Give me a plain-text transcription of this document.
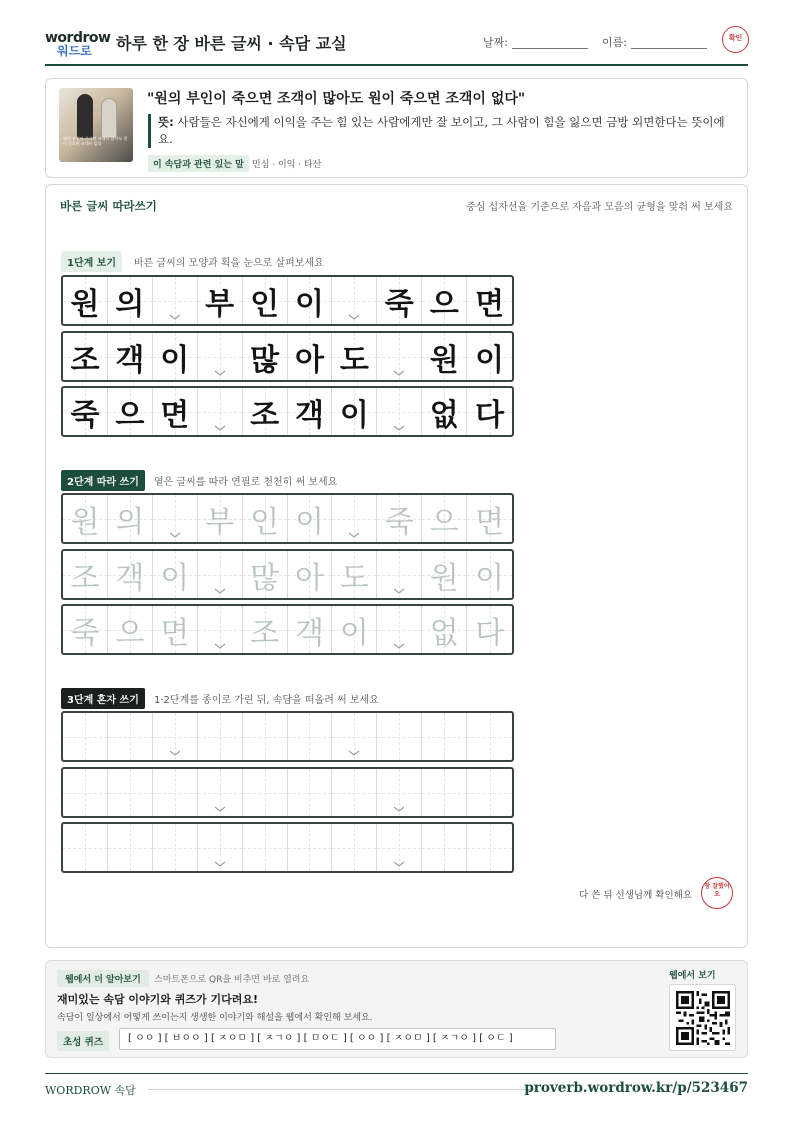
wordrow
워드로 하루 한 장 바른 글씨 · 속담 교실	날짜:	이름:	확인
원의 부인이 죽으면 조객이 많아도 원이 죽으면 조객이 없다
"원의 부인이 죽으면 조객이 많아도 원이 죽으면 조객이 없다"
뜻: 사람들은 자신에게 이익을 주는 힘 있는 사람에게만 잘 보이고, 그 사람이 힘을 잃으면 금방 외면한다는 뜻이에요.
이 속담과 관련 있는 말 민심 · 이익 · 타산
바른 글씨 따라쓰기	중심 십자선을 기준으로 자음과 모음의 균형을 맞춰 써 보세요
1단계 보기	바른 글씨의 모양과 획을 눈으로 살펴보세요
원 의 부 인 이 죽 으 면
조 객 이 많 아 도 원 이
죽 으 면 조 객 이 없 다
2단계 따라 쓰기	옅은 글씨를 따라 연필로 천천히 써 보세요
원 의 부 인 이 죽 으 면
조 객 이 많 아 도 원 이
죽 으 면 조 객 이 없 다
3단계 혼자 쓰기	1·2단계를 종이로 가린 뒤, 속담을 떠올려 써 보세요
다 쓴 뒤 선생님께 확인해요
참 잘했어요
웹에서 더 알아보기	스마트폰으로 QR을 비추면 바로 열려요
재미있는 속담 이야기와 퀴즈가 기다려요!
속담이 일상에서 어떻게 쓰이는지 생생한 이야기와 해설을 웹에서 확인해 보세요.
초성 퀴즈	[ ㅇㅇ ] [ ㅂㅇㅇ ] [ ㅈㅇㅁ ] [ ㅈㄱㅇ ] [ ㅁㅇㄷ ] [ ㅇㅇ ] [ ㅈㅇㅁ ] [ ㅈㄱㅇ ] [ ㅇㄷ ]
웹에서 보기
WORDROW 속담	proverb.wordrow.kr/p/523467
